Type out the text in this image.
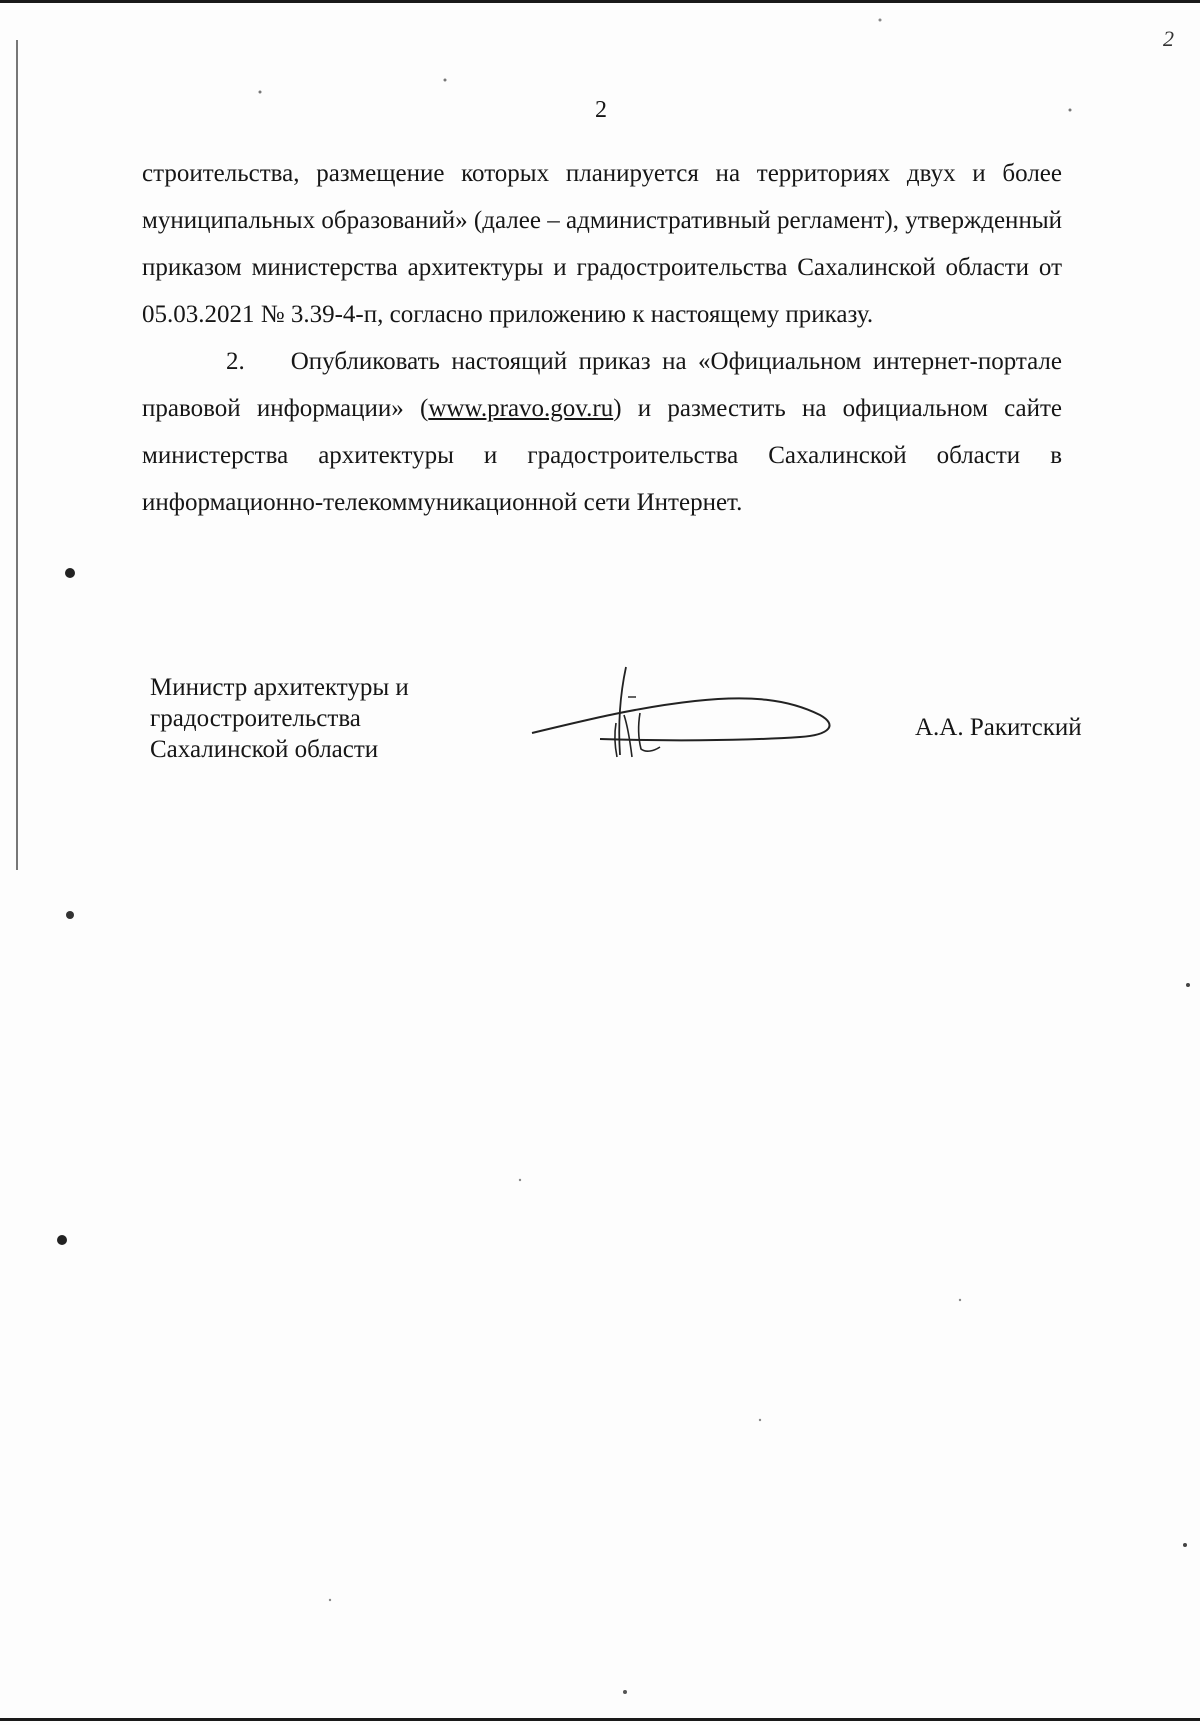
2
2

строительства, размещение которых планируется на территориях двух и более муниципальных образований» (далее – административный регламент), утвержденный приказом министерства архитектуры и градостроительства Сахалинской области от 05.03.2021 № 3.39-4-п, согласно приложению к настоящему приказу.

2. Опубликовать настоящий приказ на «Официальном интернет-портале правовой информации» (www.pravo.gov.ru) и разместить на официальном сайте министерства архитектуры и градостроительства Сахалинской области в информационно-телекоммуникационной сети Интернет.

Министр архитектуры и
градостроительства
Сахалинской области
А.А. Ракитский
